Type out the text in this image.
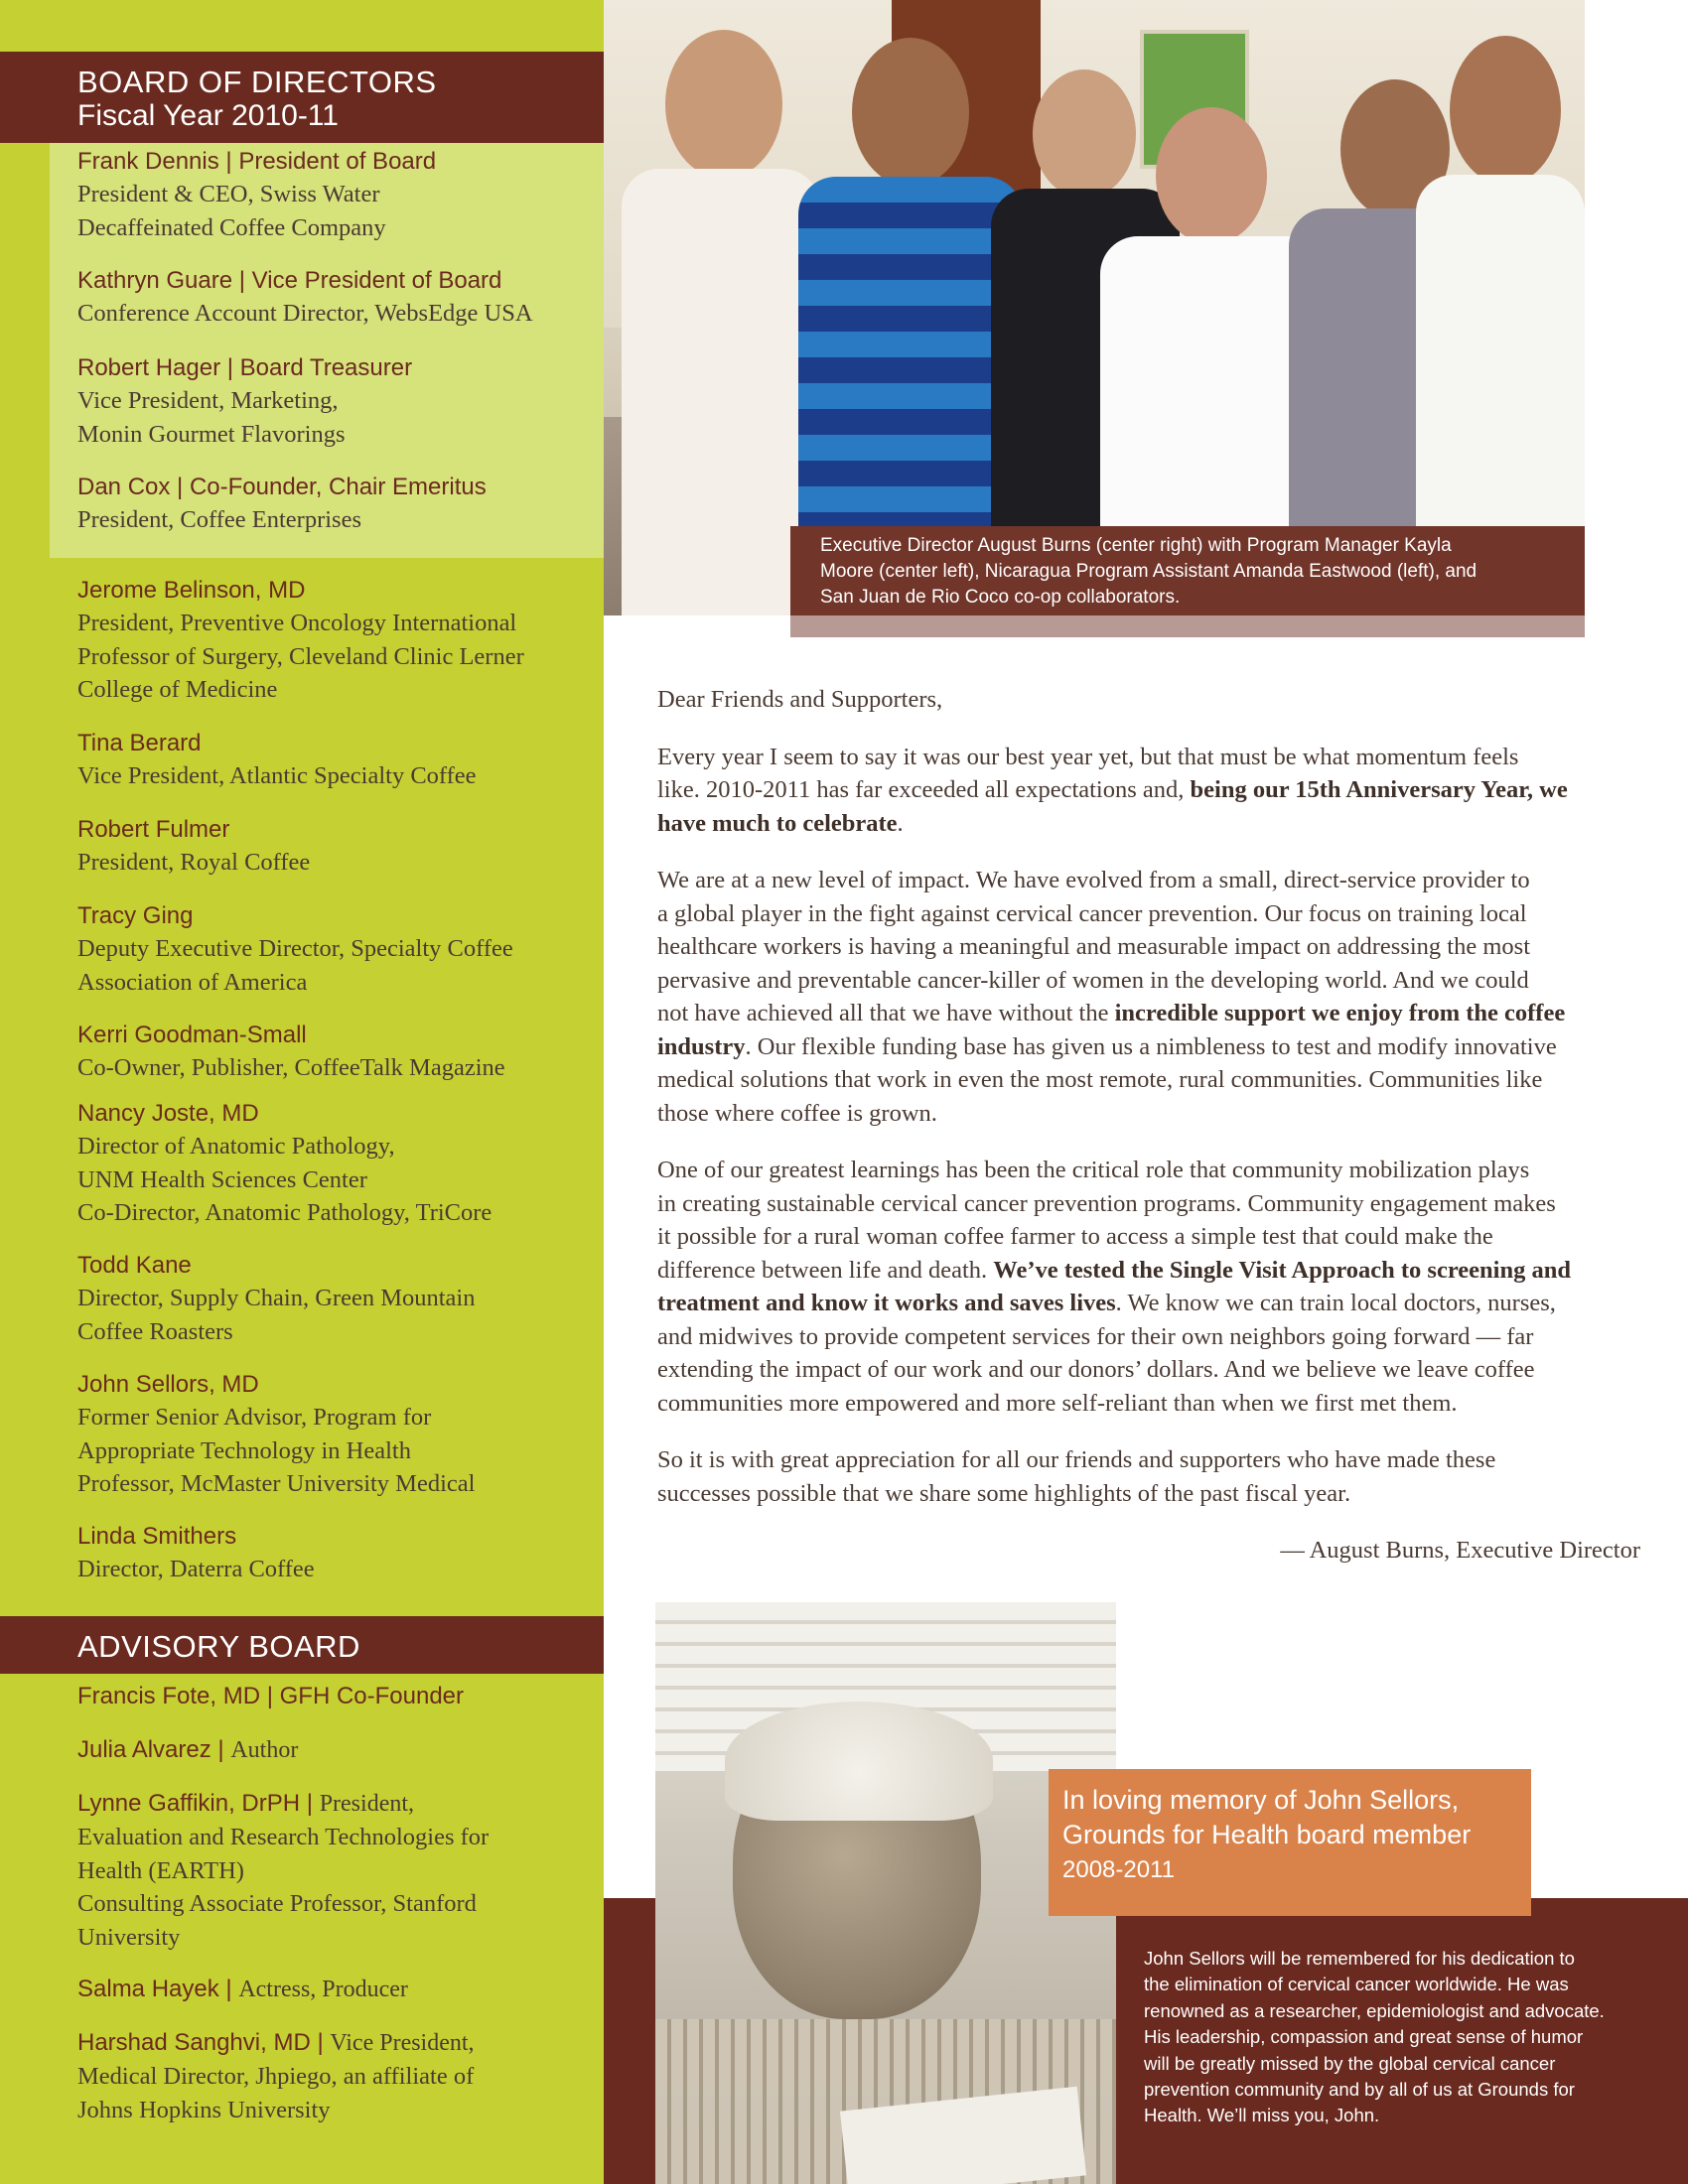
BOARD OF DIRECTORS
Fiscal Year 2010-11
Frank Dennis | President of Board
President & CEO, Swiss Water
Decaffeinated Coffee Company
Kathryn Guare | Vice President of Board
Conference Account Director, WebsEdge USA
Robert Hager | Board Treasurer
Vice President, Marketing,
Monin Gourmet Flavorings
Dan Cox | Co-Founder, Chair Emeritus
President, Coffee Enterprises
Jerome Belinson, MD
President, Preventive Oncology International
Professor of Surgery, Cleveland Clinic Lerner
College of Medicine
Tina Berard
Vice President, Atlantic Specialty Coffee
Robert Fulmer
President, Royal Coffee
Tracy Ging
Deputy Executive Director, Specialty Coffee
Association of America
Kerri Goodman-Small
Co-Owner, Publisher, CoffeeTalk Magazine
Nancy Joste, MD
Director of Anatomic Pathology,
UNM Health Sciences Center
Co-Director, Anatomic Pathology, TriCore
Todd Kane
Director, Supply Chain, Green Mountain
Coffee Roasters
John Sellors, MD
Former Senior Advisor, Program for
Appropriate Technology in Health
Professor, McMaster University Medical
Linda Smithers
Director, Daterra Coffee
ADVISORY BOARD
Francis Fote, MD | GFH Co-Founder
Julia Alvarez | Author
Lynne Gaffikin, DrPH | President,
Evaluation and Research Technologies for
Health (EARTH)
Consulting Associate Professor, Stanford
University
Salma Hayek | Actress, Producer
Harshad Sanghvi, MD | Vice President,
Medical Director, Jhpiego, an affiliate of
Johns Hopkins University
Executive Director August Burns (center right) with Program Manager Kayla
Moore (center left), Nicaragua Program Assistant Amanda Eastwood (left), and
San Juan de Rio Coco co-op collaborators.
Dear Friends and Supporters,
Every year I seem to say it was our best year yet, but that must be what momentum feels
like. 2010-2011 has far exceeded all expectations and, being our 15th Anniversary Year, we
have much to celebrate.
We are at a new level of impact. We have evolved from a small, direct-service provider to
a global player in the fight against cervical cancer prevention. Our focus on training local
healthcare workers is having a meaningful and measurable impact on addressing the most
pervasive and preventable cancer-killer of women in the developing world. And we could
not have achieved all that we have without the incredible support we enjoy from the coffee
industry. Our flexible funding base has given us a nimbleness to test and modify innovative
medical solutions that work in even the most remote, rural communities. Communities like
those where coffee is grown.
One of our greatest learnings has been the critical role that community mobilization plays
in creating sustainable cervical cancer prevention programs. Community engagement makes
it possible for a rural woman coffee farmer to access a simple test that could make the
difference between life and death. We’ve tested the Single Visit Approach to screening and
treatment and know it works and saves lives. We know we can train local doctors, nurses,
and midwives to provide competent services for their own neighbors going forward — far
extending the impact of our work and our donors’ dollars. And we believe we leave coffee
communities more empowered and more self-reliant than when we first met them.
So it is with great appreciation for all our friends and supporters who have made these
successes possible that we share some highlights of the past fiscal year.
— August Burns, Executive Director
In loving memory of John Sellors,
Grounds for Health board member
2008-2011
John Sellors will be remembered for his dedication to
the elimination of cervical cancer worldwide. He was
renowned as a researcher, epidemiologist and advocate.
His leadership, compassion and great sense of humor
will be greatly missed by the global cervical cancer
prevention community and by all of us at Grounds for
Health. We’ll miss you, John.
